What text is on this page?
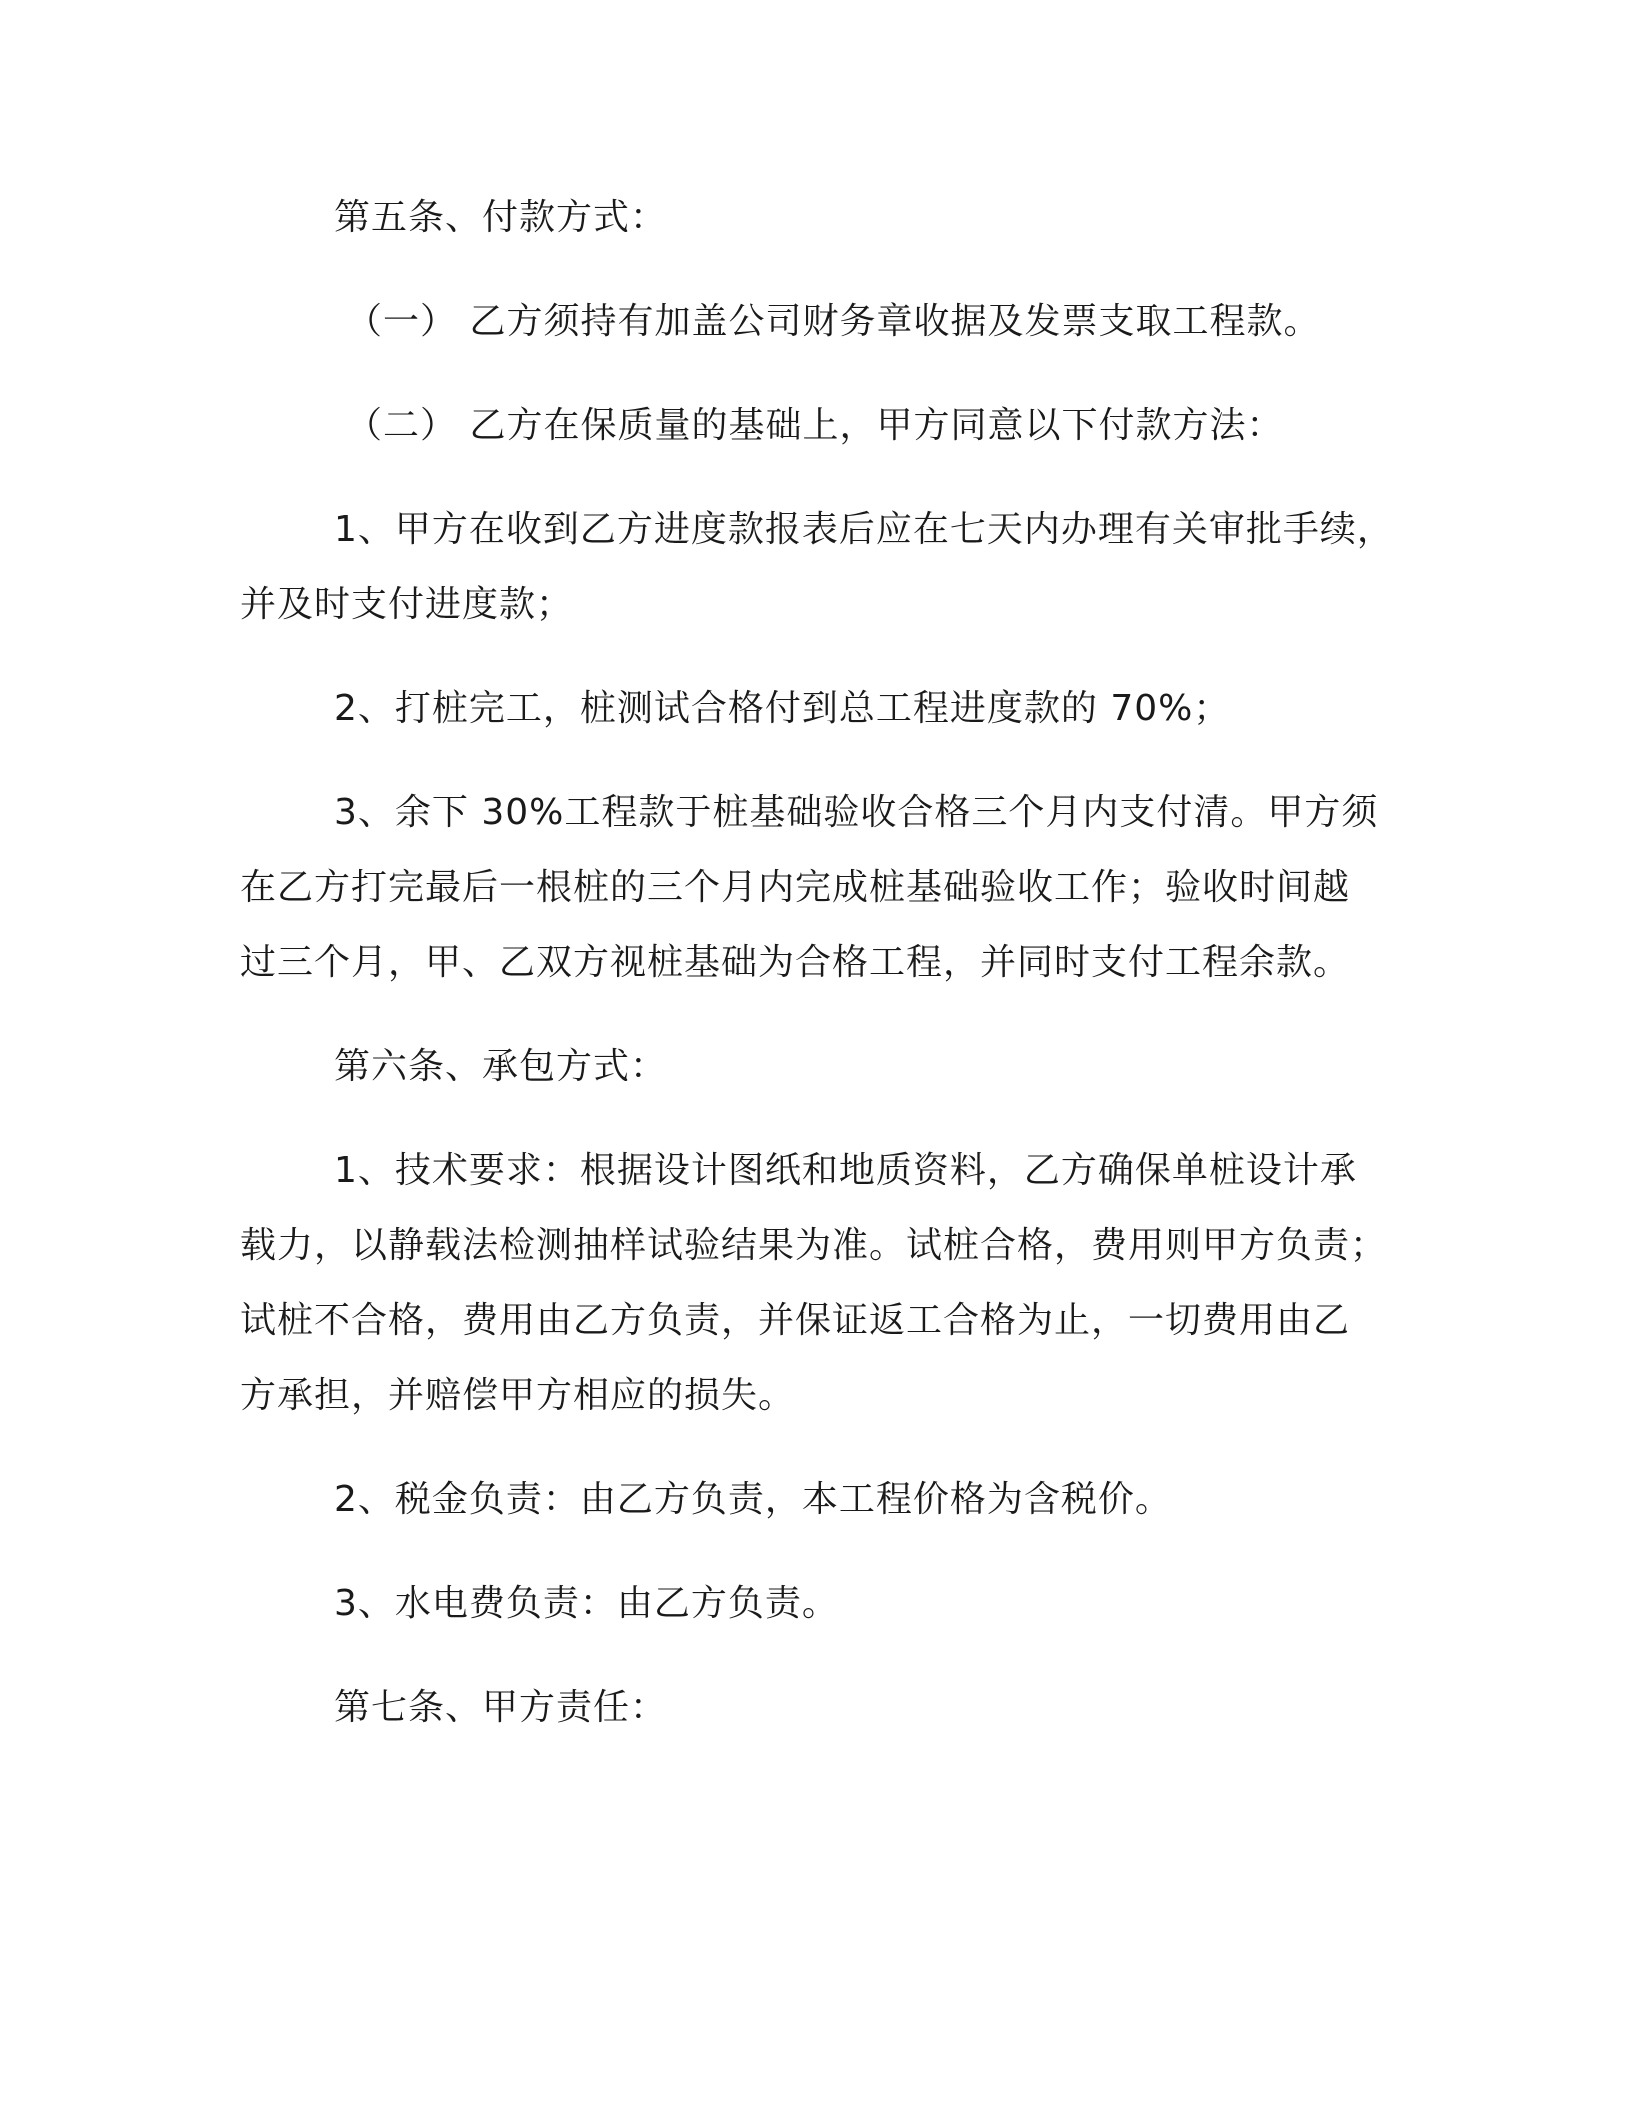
第五条、付款方式：
（一） 乙方须持有加盖公司财务章收据及发票支取工程款。
（二） 乙方在保质量的基础上，甲方同意以下付款方法：
1、甲方在收到乙方进度款报表后应在七天内办理有关审批手续，
并及时支付进度款；
2、打桩完工，桩测试合格付到总工程进度款的 70%；
3、余下 30%工程款于桩基础验收合格三个月内支付清。甲方须
在乙方打完最后一根桩的三个月内完成桩基础验收工作；验收时间越
过三个月，甲、乙双方视桩基础为合格工程，并同时支付工程余款。
第六条、承包方式：
1、技术要求：根据设计图纸和地质资料，乙方确保单桩设计承
载力，以静载法检测抽样试验结果为准。试桩合格，费用则甲方负责；
试桩不合格，费用由乙方负责，并保证返工合格为止，一切费用由乙
方承担，并赔偿甲方相应的损失。
2、税金负责：由乙方负责，本工程价格为含税价。
3、水电费负责：由乙方负责。
第七条、甲方责任：
